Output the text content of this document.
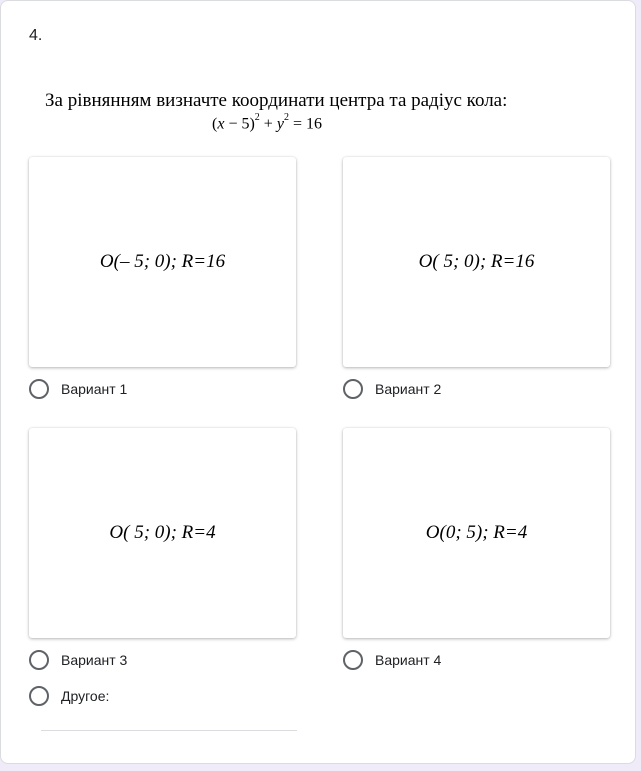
4.
За рівнянням визначте координати центра та радіус кола:
$(x - 5)^2 + y^2 = 16$
O(– 5; 0); R=16
Вариант 1
O( 5; 0); R=16
Вариант 2
O( 5; 0); R=4
Вариант 3
O(0; 5); R=4
Вариант 4
Другое:
